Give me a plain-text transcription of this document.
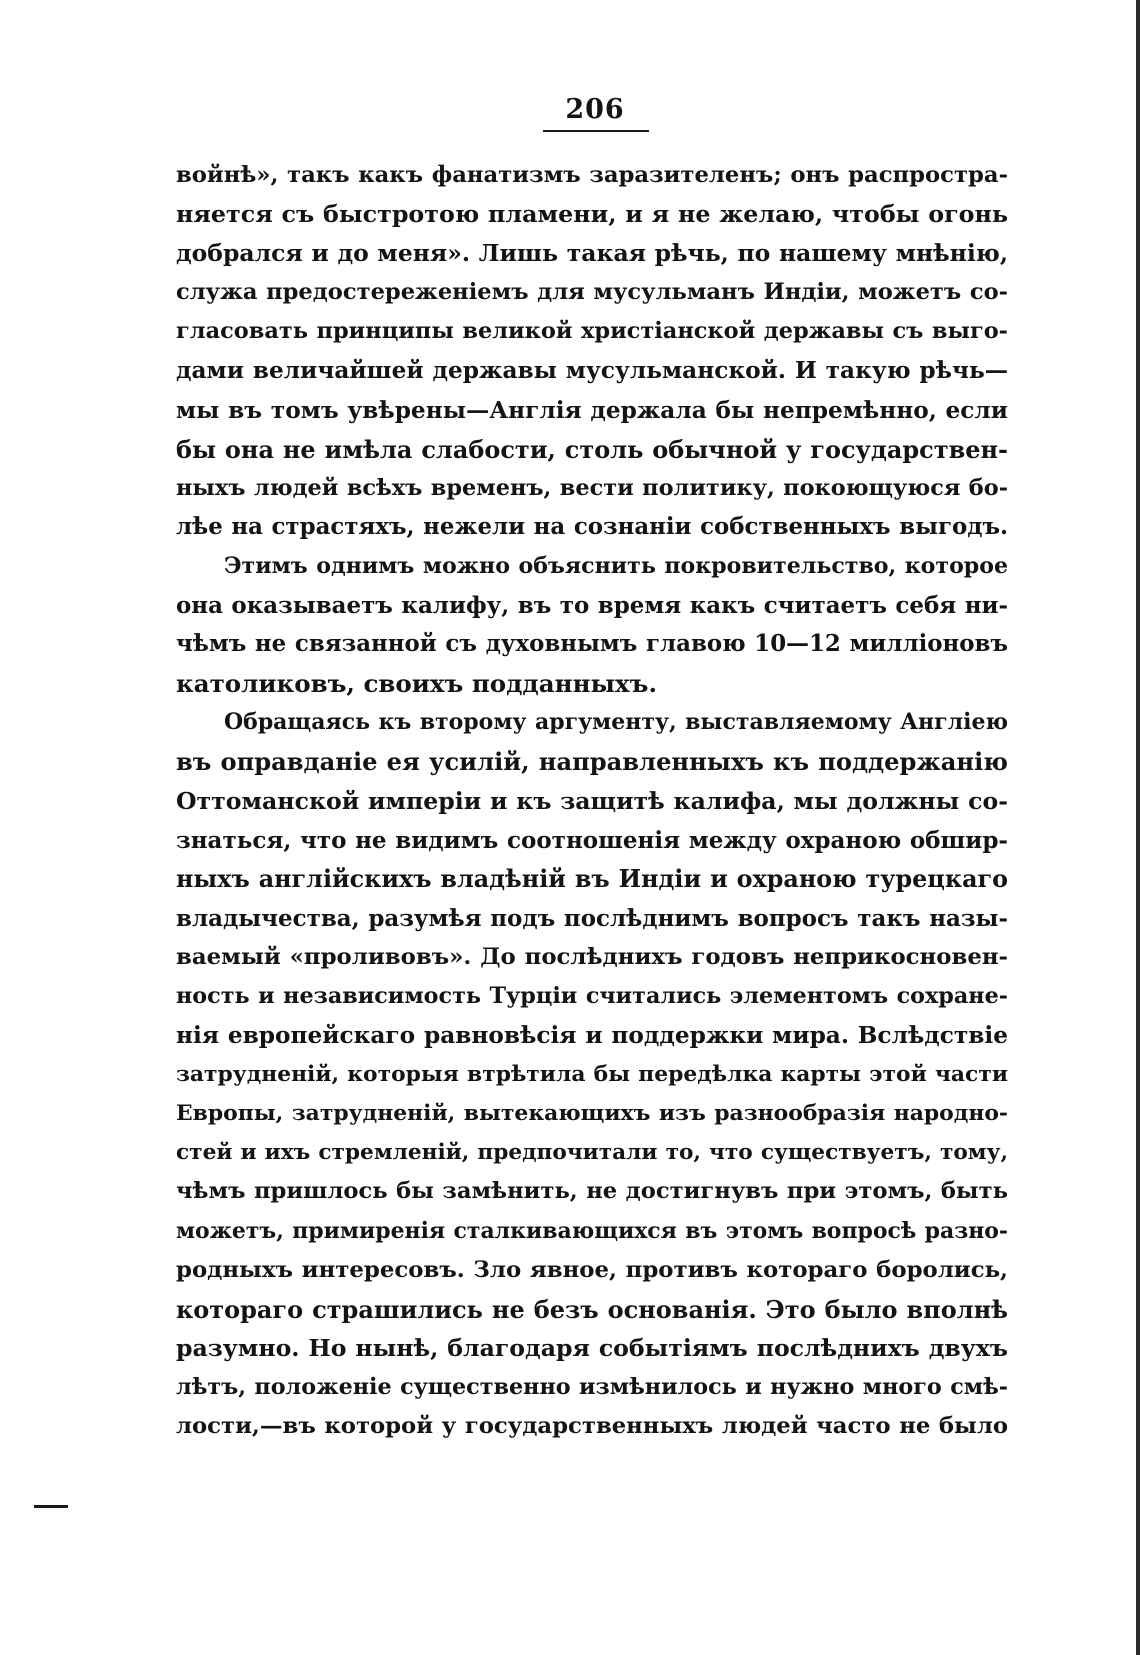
206

войнѣ», такъ какъ фанатизмъ заразителенъ; онъ распростра-
няется съ быстротою пламени, и я не желаю, чтобы огонь
добрался и до меня». Лишь такая рѣчь, по нашему мнѣнію,
служа предостереженіемъ для мусульманъ Индіи, можетъ со-
гласовать принципы великой христіанской державы съ выго-
дами величайшей державы мусульманской. И такую рѣчь—
мы въ томъ увѣрены—Англія держала бы непремѣнно, если
бы она не имѣла слабости, столь обычной у государствен-
ныхъ людей всѣхъ временъ, вести политику, покоющуюся бо-
лѣе на страстяхъ, нежели на сознаніи собственныхъ выгодъ.

Этимъ однимъ можно объяснить покровительство, которое
она оказываетъ калифу, въ то время какъ считаетъ себя ни-
чѣмъ не связанной съ духовнымъ главою 10—12 милліоновъ
католиковъ, своихъ подданныхъ.

Обращаясь къ второму аргументу, выставляемому Англіею
въ оправданіе ея усилій, направленныхъ къ поддержанію
Оттоманской имперіи и къ защитѣ калифа, мы должны со-
знаться, что не видимъ соотношенія между охраною обшир-
ныхъ англійскихъ владѣній въ Индіи и охраною турецкаго
владычества, разумѣя подъ послѣднимъ вопросъ такъ назы-
ваемый «проливовъ». До послѣднихъ годовъ неприкосновен-
ность и независимость Турціи считались элементомъ сохране-
нія европейскаго равновѣсія и поддержки мира. Вслѣдствіе
затрудненій, которыя втрѣтила бы передѣлка карты этой части
Европы, затрудненій, вытекающихъ изъ разнообразія народно-
стей и ихъ стремленій, предпочитали то, что существуетъ, тому,
чѣмъ пришлось бы замѣнить, не достигнувъ при этомъ, быть
можетъ, примиренія сталкивающихся въ этомъ вопросѣ разно-
родныхъ интересовъ. Зло явное, противъ котораго боролись,
котораго страшились не безъ основанія. Это было вполнѣ
разумно. Но нынѣ, благодаря событіямъ послѣднихъ двухъ
лѣтъ, положеніе существенно измѣнилось и нужно много смѣ-
лости,—въ которой у государственныхъ людей часто не было
